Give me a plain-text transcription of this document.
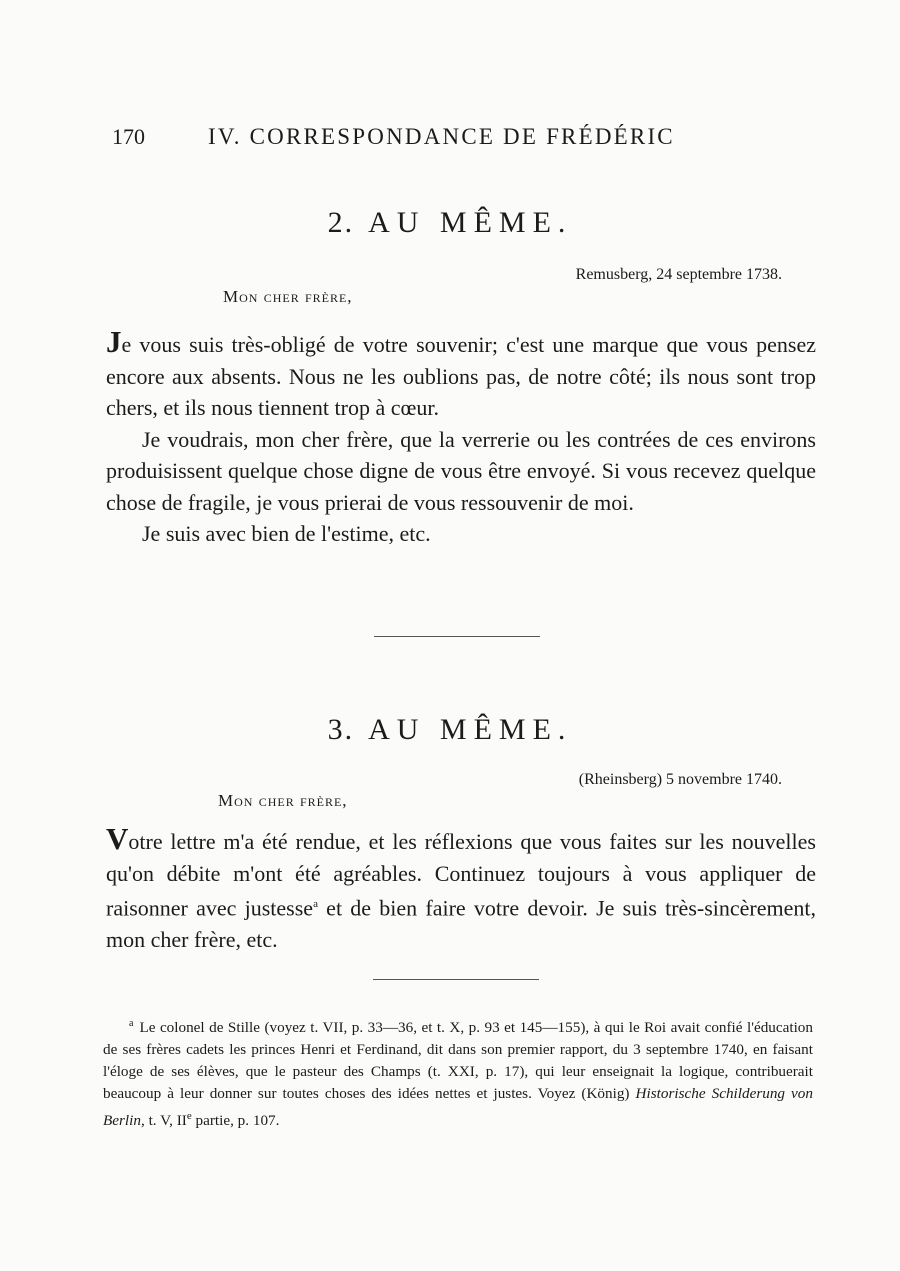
170	IV. CORRESPONDANCE DE FRÉDÉRIC
2. AU MÊME.
Remusberg, 24 septembre 1738.
Mon cher frère,

Je vous suis très-obligé de votre souvenir; c'est une marque que vous pensez encore aux absents. Nous ne les oublions pas, de notre côté; ils nous sont trop chers, et ils nous tiennent trop à cœur.

Je voudrais, mon cher frère, que la verrerie ou les contrées de ces environs produisissent quelque chose digne de vous être envoyé. Si vous recevez quelque chose de fragile, je vous prierai de vous ressouvenir de moi.

Je suis avec bien de l'estime, etc.

3. AU MÊME.
(Rheinsberg) 5 novembre 1740.
Mon cher frère,

Votre lettre m'a été rendue, et les réflexions que vous faites sur les nouvelles qu'on débite m'ont été agréables. Continuez toujours à vous appliquer de raisonner avec justesse$^a$ et de bien faire votre devoir. Je suis très-sincèrement, mon cher frère, etc.

$^a$ Le colonel de Stille (voyez t. VII, p. 33—36, et t. X, p. 93 et 145—155), à qui le Roi avait confié l'éducation de ses frères cadets les princes Henri et Ferdinand, dit dans son premier rapport, du 3 septembre 1740, en faisant l'éloge de ses élèves, que le pasteur des Champs (t. XXI, p. 17), qui leur enseignait la logique, contribuerait beaucoup à leur donner sur toutes choses des idées nettes et justes. Voyez (König) Historische Schilderung von Berlin, t. V, IIe partie, p. 107.
